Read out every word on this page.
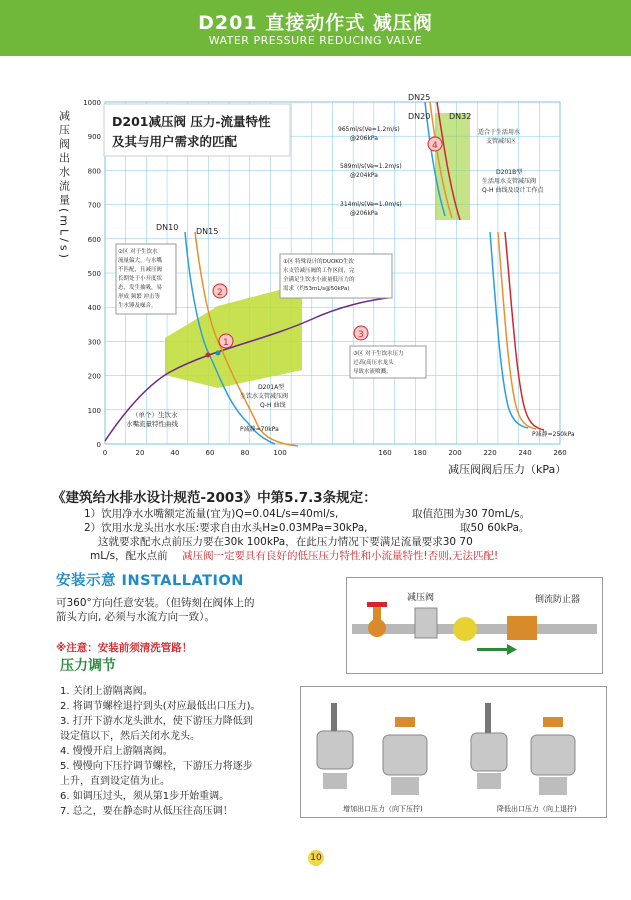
D201 直接动作式 减压阀
WATER PRESSURE REDUCING VALVE
减压阀出水流量(mL/s)
1000
900
800
700
600
500
400
300
200
100
0
0	20	40	60	80	100	160	180	200	220	240	260
减压阀阀后压力（kPa）
D201减压阀 压力-流量特性
及其与用户需求的匹配
DN10 DN15
DN20
DN25
DN32
965ml/s(Ve=1.2m/s)
@206kPa
589ml/s(Ve=1.2m/s)
@204kPa
314ml/s(Ve=1.0m/s)
@206kPa
适合于生活用水
支管减压区
D201B型
生活用水支管减压阀
Q-H 曲线及设计工作点
1
2
3
4
①区 特殊设计的DUOKO生饮
水支管减压阀的工作区间，完
全满足生饮水小流量低压力的
需求（约53mL/s@50kPa)
②区 对于生饮水
流量偏大。与水嘴
不匹配，且减压阀
长期处于小开度状
态，发生抽吸，易
形成 频繁 冲击等
生水锤及噪音。
③区 对于生饮水压力
过高(高压水龙头
导致水流喷溅。
D201A型
生饮水支管减压阀
Q-H 曲线
（单个）生饮水
水嘴流量特性曲线
P减静=70kPa
P减静=250kPa
《建筑给水排水设计规范-2003》中第5.7.3条规定：
1）饮用净水水嘴额定流量(宜为)Q=0.04L/s=40ml/s,	取值范围为30 70mL/s。
2）饮用水龙头出水水压:要求自由水头H≥0.03MPa=30kPa,	取50 60kPa。
这就要求配水点前压力要在30k 100kPa，在此压力情况下要满足流量要求30 70
mL/s，配水点前 减压阀一定要具有良好的低压压力特性和小流量特性!否则,无法匹配!
安装示意 INSTALLATION
可360°方向任意安装。（但铸刻在阀体上的
箭头方向, 必须与水流方向一致）。
※注意：安装前须清洗管路！
减压阀	倒流防止器
压力调节
1. 关闭上游隔离阀。
2. 将调节螺栓退拧到头(对应最低出口压力)。
3. 打开下游水龙头泄水，使下游压力降低到
设定值以下，然后关闭水龙头。
4. 慢慢开启上游隔离阀。
5. 慢慢向下压拧调节螺栓，下游压力将逐步
上升，直到设定值为止。
6. 如调压过头，须从第1步开始重调。
7. 总之，要在静态时从低压往高压调！	增加出口压力（向下压拧)	降低出口压力（向上退拧)
10
